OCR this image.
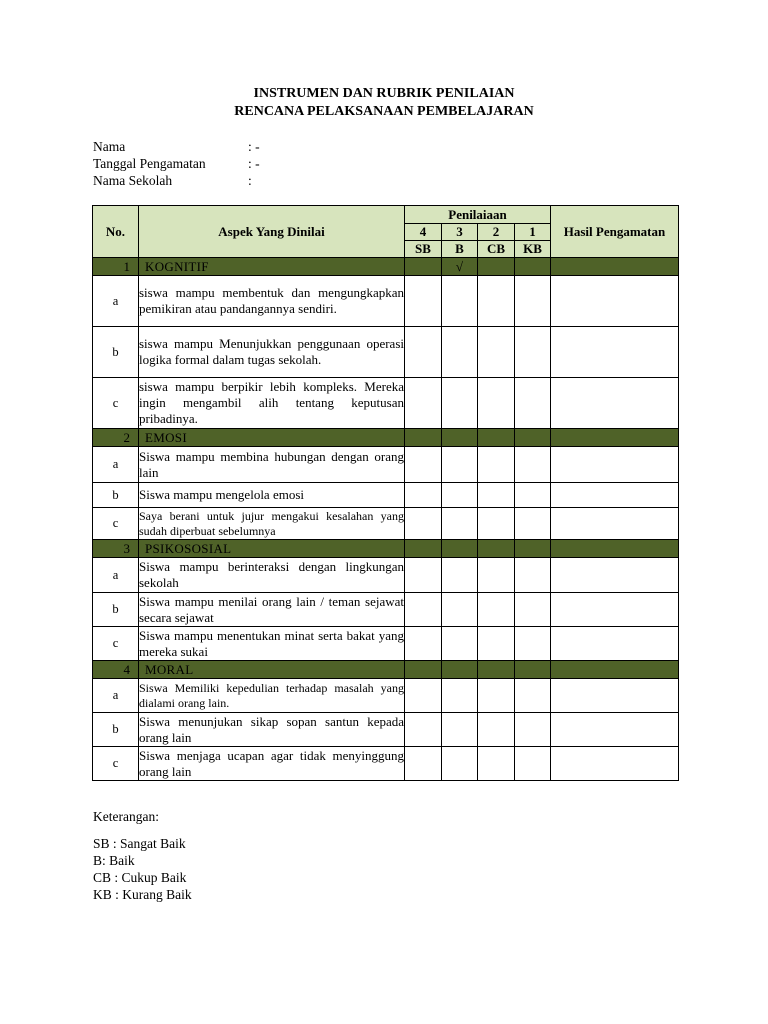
INSTRUMEN DAN RUBRIK PENILAIAN
RENCANA PELAKSANAAN PEMBELAJARAN
Nama	: -
Tanggal Pengamatan	: -
Nama Sekolah	:
No.	Aspek Yang Dinilai	Penilaiaan				Hasil Pengamatan
		4	3	2	1	
		SB	B	CB	KB	
1	KOGNITIF		√			
a	siswa mampu membentuk dan mengungkapkan pemikiran atau pandangannya sendiri.					
b	siswa mampu Menunjukkan penggunaan operasi logika formal dalam tugas sekolah.					
c	siswa mampu berpikir lebih kompleks. Mereka ingin mengambil alih tentang keputusan pribadinya.					
2	EMOSI					
a	Siswa mampu membina hubungan dengan orang lain					
b	Siswa mampu mengelola emosi					
c	Saya berani untuk jujur mengakui kesalahan yang sudah diperbuat sebelumnya					
3	PSIKOSOSIAL					
a	Siswa mampu berinteraksi dengan lingkungan sekolah					
b	Siswa mampu menilai orang lain / teman sejawat secara sejawat					
c	Siswa mampu menentukan minat serta bakat yang mereka sukai					
4	MORAL					
a	Siswa Memiliki kepedulian terhadap masalah yang dialami orang lain.					
b	Siswa menunjukan sikap sopan santun kepada orang lain					
c	Siswa menjaga ucapan agar tidak menyinggung orang lain					
Keterangan:
SB : Sangat Baik
B: Baik
CB : Cukup Baik
KB : Kurang Baik
